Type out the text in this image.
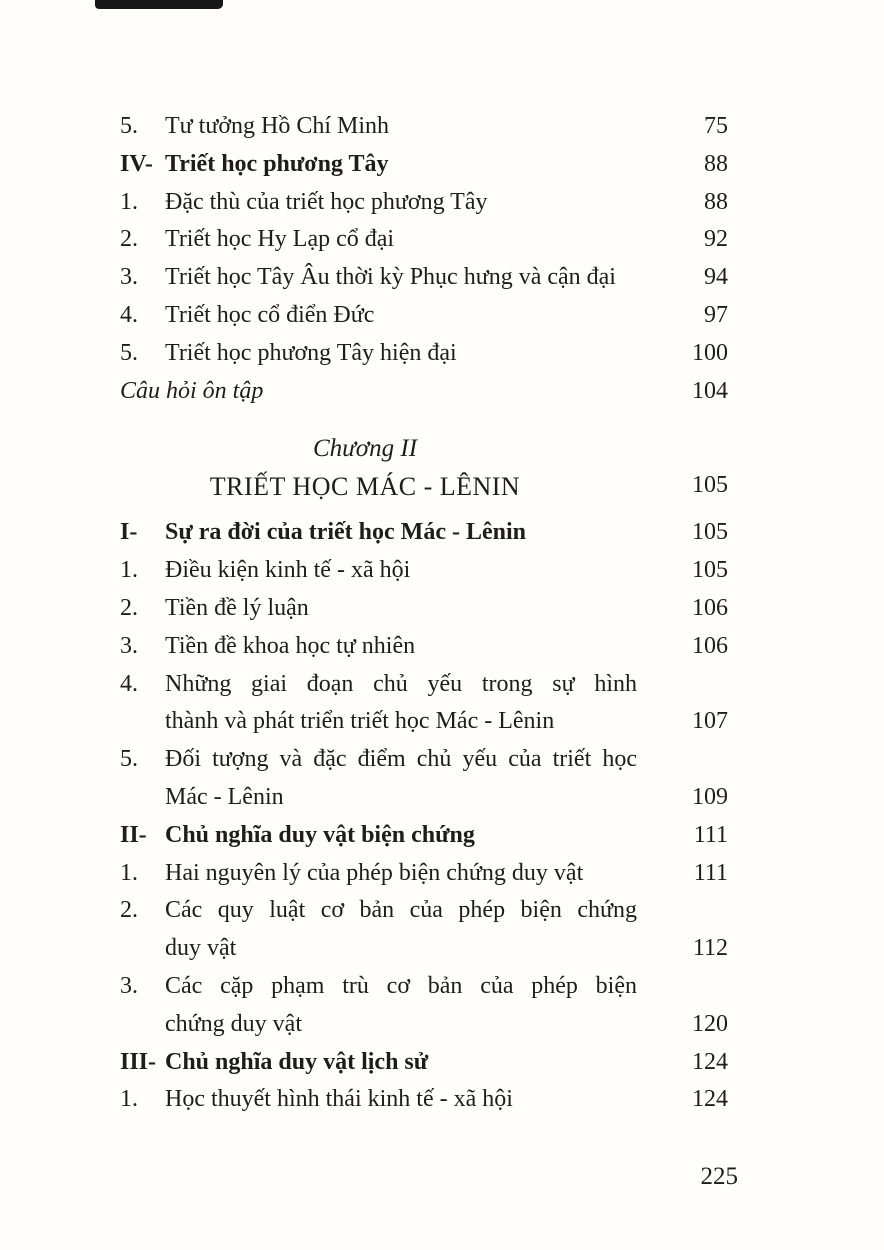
5.	Tư tưởng Hồ Chí Minh	75
IV- Triết học phương Tây	88
1.	Đặc thù của triết học phương Tây	88
2.	Triết học Hy Lạp cổ đại	92
3.	Triết học Tây Âu thời kỳ Phục hưng và cận đại	94
4.	Triết học cổ điển Đức	97
5.	Triết học phương Tây hiện đại	100
Câu hỏi ôn tập	104
Chương II
TRIẾT HỌC MÁC - LÊNIN	105
I-	Sự ra đời của triết học Mác - Lênin	105
1.	Điều kiện kinh tế - xã hội	105
2.	Tiền đề lý luận	106
3.	Tiền đề khoa học tự nhiên	106
4.	Những giai đoạn chủ yếu trong sự hình
thành và phát triển triết học Mác - Lênin	107
5.	Đối tượng và đặc điểm chủ yếu của triết học
Mác - Lênin	109
II- Chủ nghĩa duy vật biện chứng	111
1.	Hai nguyên lý của phép biện chứng duy vật	111
2.	Các quy luật cơ bản của phép biện chứng
duy vật	112
3.	Các cặp phạm trù cơ bản của phép biện
chứng duy vật	120
III- Chủ nghĩa duy vật lịch sử	124
1.	Học thuyết hình thái kinh tế - xã hội	124
225
